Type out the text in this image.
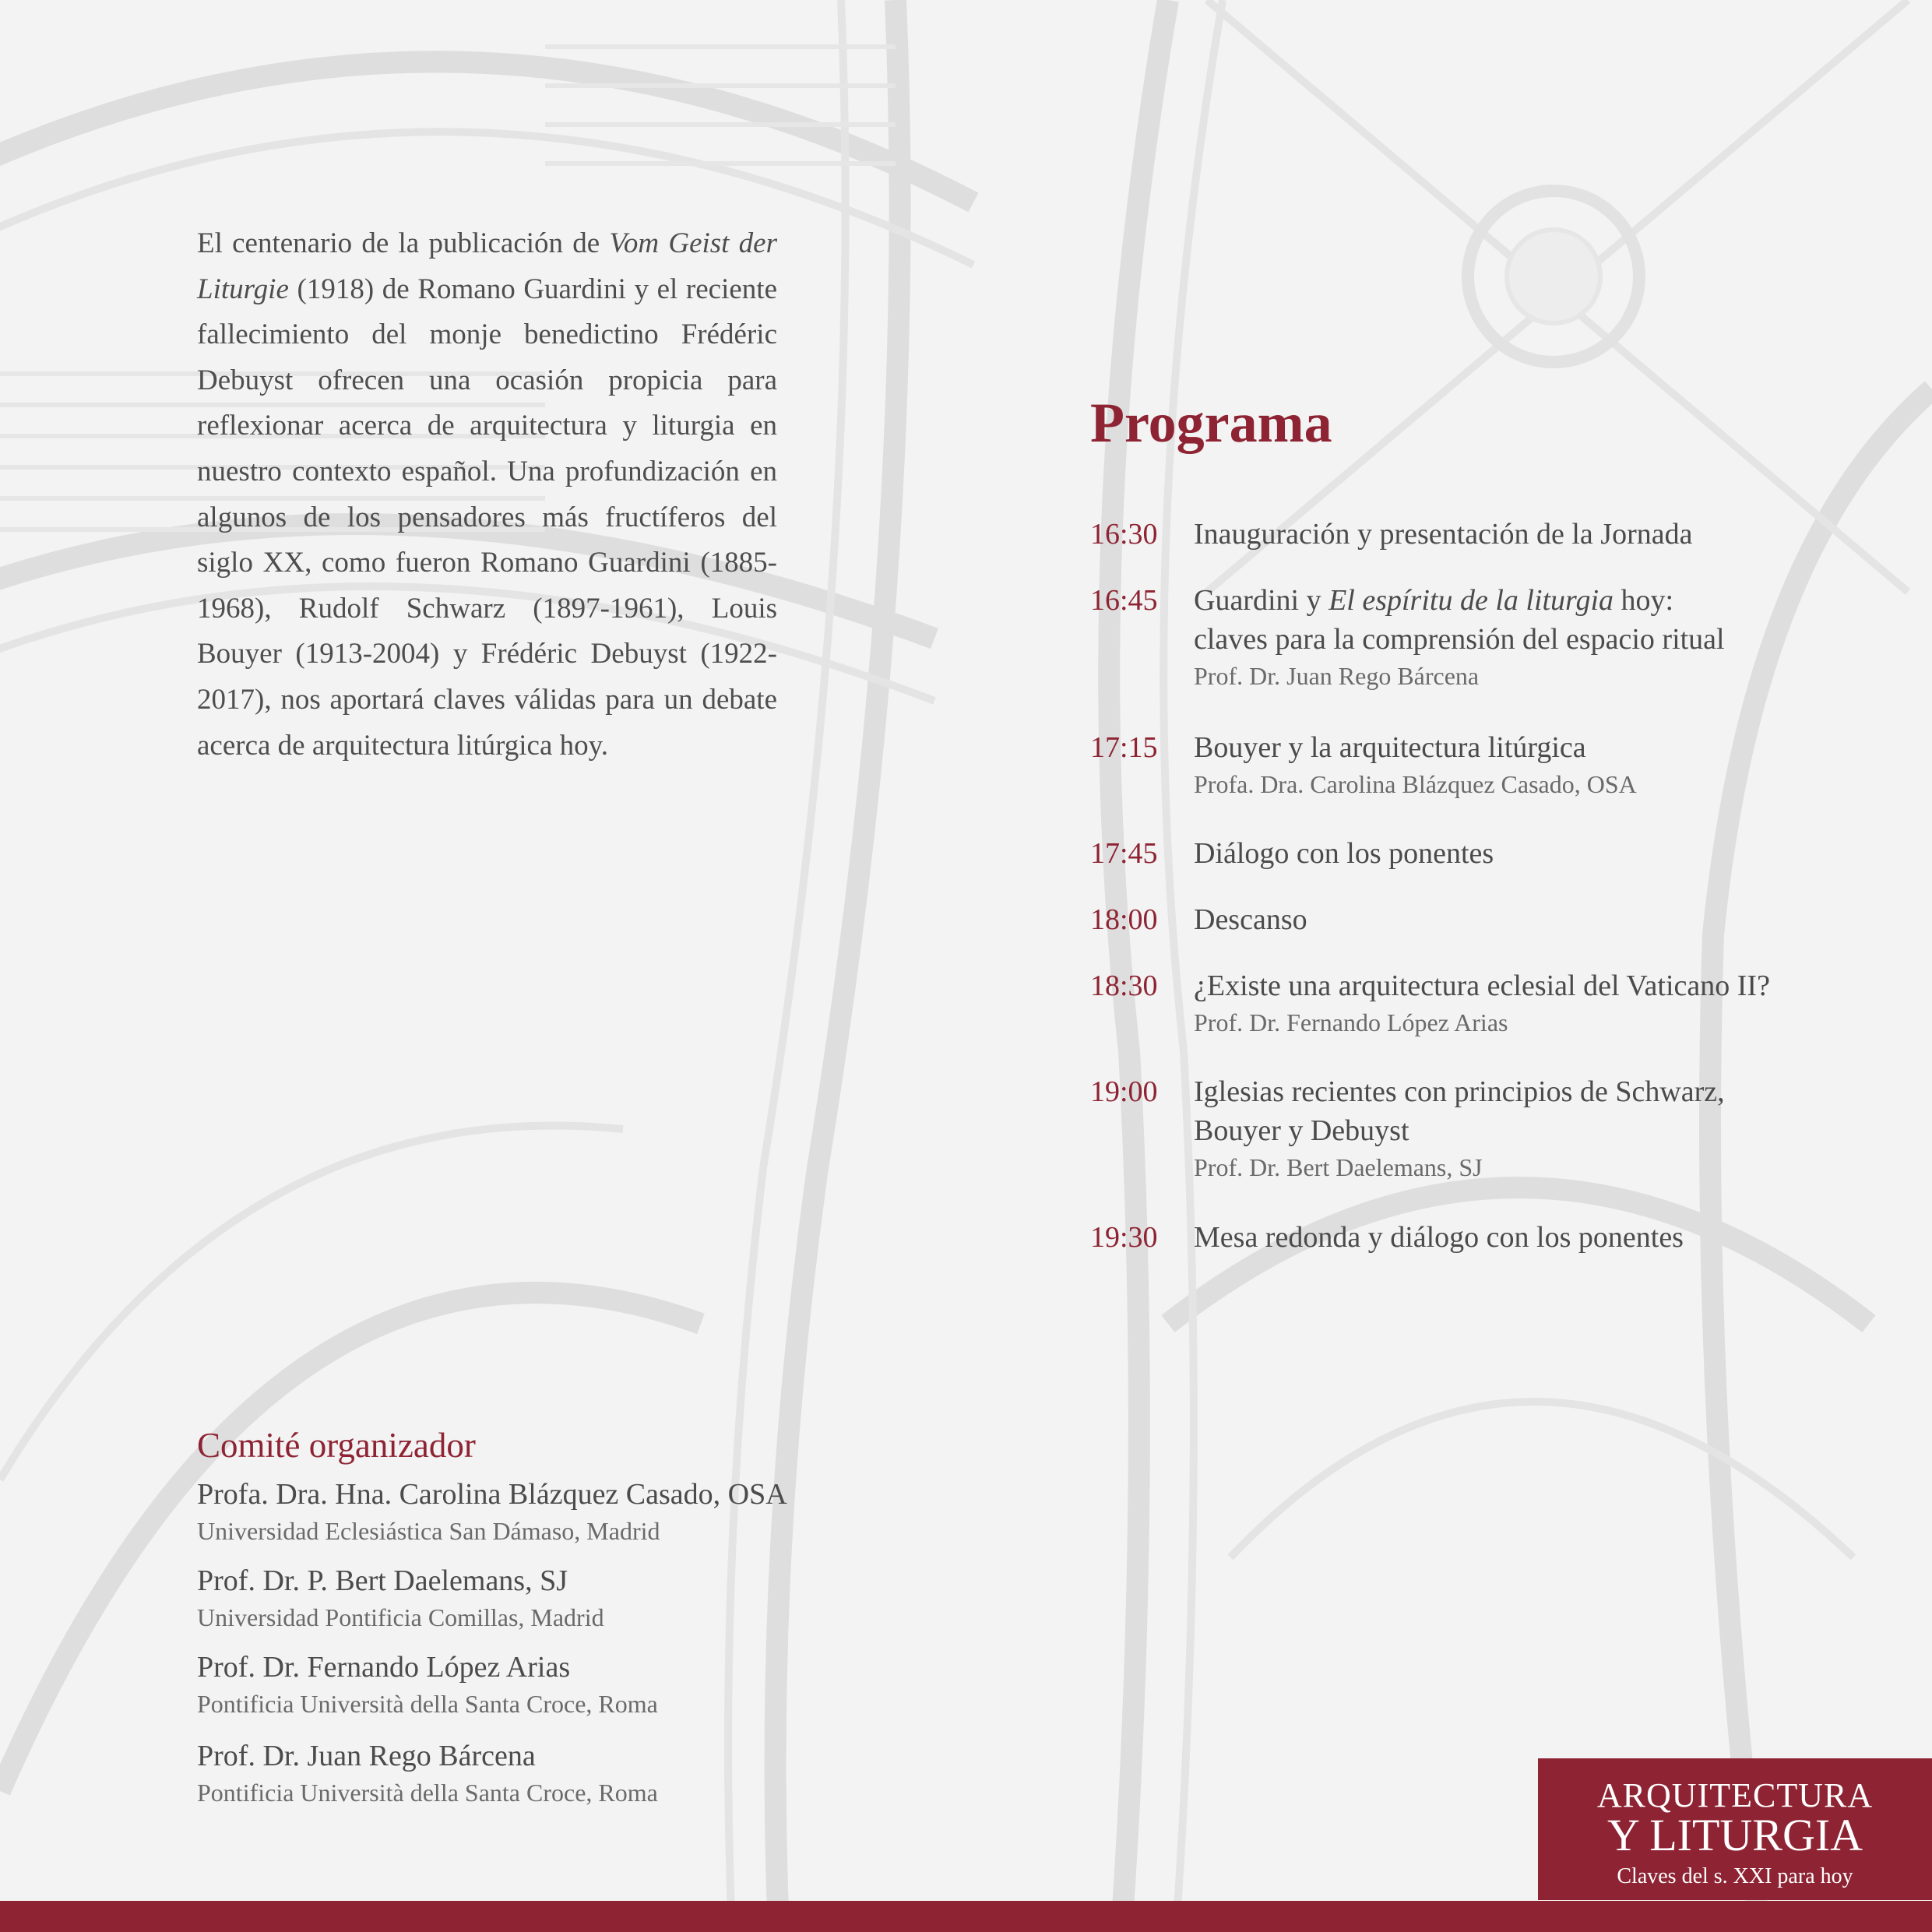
El centenario de la publicación de Vom Geist der Liturgie (1918) de Romano Guardini y el reciente fallecimiento del monje benedictino Frédéric Debuyst ofrecen una ocasión propicia para reflexionar acerca de arquitectura y liturgia en nuestro contexto español. Una profundización en algunos de los pensadores más fructíferos del siglo XX, como fueron Romano Guardini (1885-1968), Rudolf Schwarz (1897-1961), Louis Bouyer (1913-2004) y Frédéric Debuyst (1922-2017), nos aportará claves válidas para un debate acerca de arquitectura litúrgica hoy.
Programa
16:30 Inauguración y presentación de la Jornada
16:45 Guardini y El espíritu de la liturgia hoy:
claves para la comprensión del espacio ritual
Prof. Dr. Juan Rego Bárcena
17:15 Bouyer y la arquitectura litúrgica
Profa. Dra. Carolina Blázquez Casado, OSA
17:45 Diálogo con los ponentes
18:00 Descanso
18:30 ¿Existe una arquitectura eclesial del Vaticano II?
Prof. Dr. Fernando López Arias
19:00 Iglesias recientes con principios de Schwarz,
Bouyer y Debuyst
Prof. Dr. Bert Daelemans, SJ
19:30 Mesa redonda y diálogo con los ponentes
Comité organizador
Profa. Dra. Hna. Carolina Blázquez Casado, OSA
Universidad Eclesiástica San Dámaso, Madrid
Prof. Dr. P. Bert Daelemans, SJ
Universidad Pontificia Comillas, Madrid
Prof. Dr. Fernando López Arias
Pontificia Università della Santa Croce, Roma
Prof. Dr. Juan Rego Bárcena
Pontificia Università della Santa Croce, Roma	ARQUITECTURA
Y LITURGIA
Claves del s. XXI para hoy
